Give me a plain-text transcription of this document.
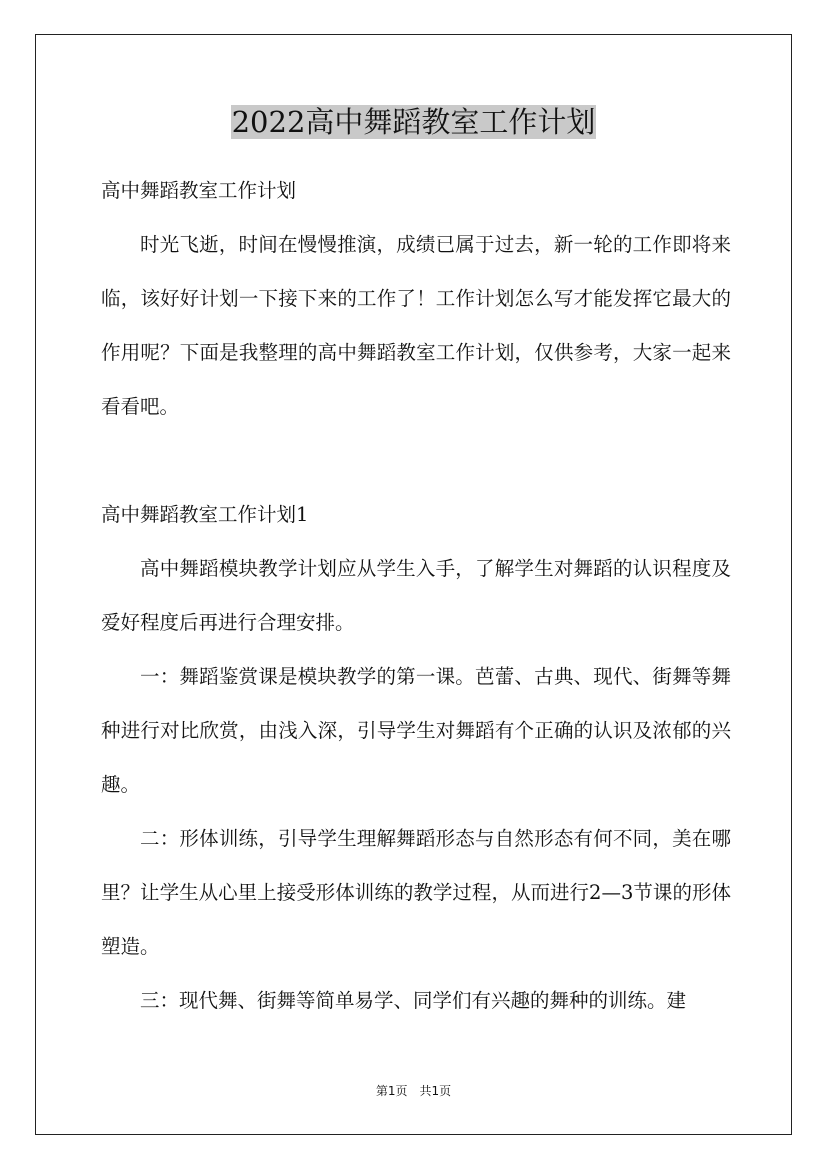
2022高中舞蹈教室工作计划

高中舞蹈教室工作计划

时光飞逝，时间在慢慢推演，成绩已属于过去，新一轮的工作即将来临，该好好计划一下接下来的工作了！工作计划怎么写才能发挥它最大的作用呢？下面是我整理的高中舞蹈教室工作计划，仅供参考，大家一起来看看吧。

高中舞蹈教室工作计划1

高中舞蹈模块教学计划应从学生入手，了解学生对舞蹈的认识程度及爱好程度后再进行合理安排。

一：舞蹈鉴赏课是模块教学的第一课。芭蕾、古典、现代、街舞等舞种进行对比欣赏，由浅入深，引导学生对舞蹈有个正确的认识及浓郁的兴趣。

二：形体训练，引导学生理解舞蹈形态与自然形态有何不同，美在哪里？让学生从心里上接受形体训练的教学过程，从而进行2—3节课的形体塑造。

三：现代舞、街舞等简单易学、同学们有兴趣的舞种的训练。建

第1页　共1页
